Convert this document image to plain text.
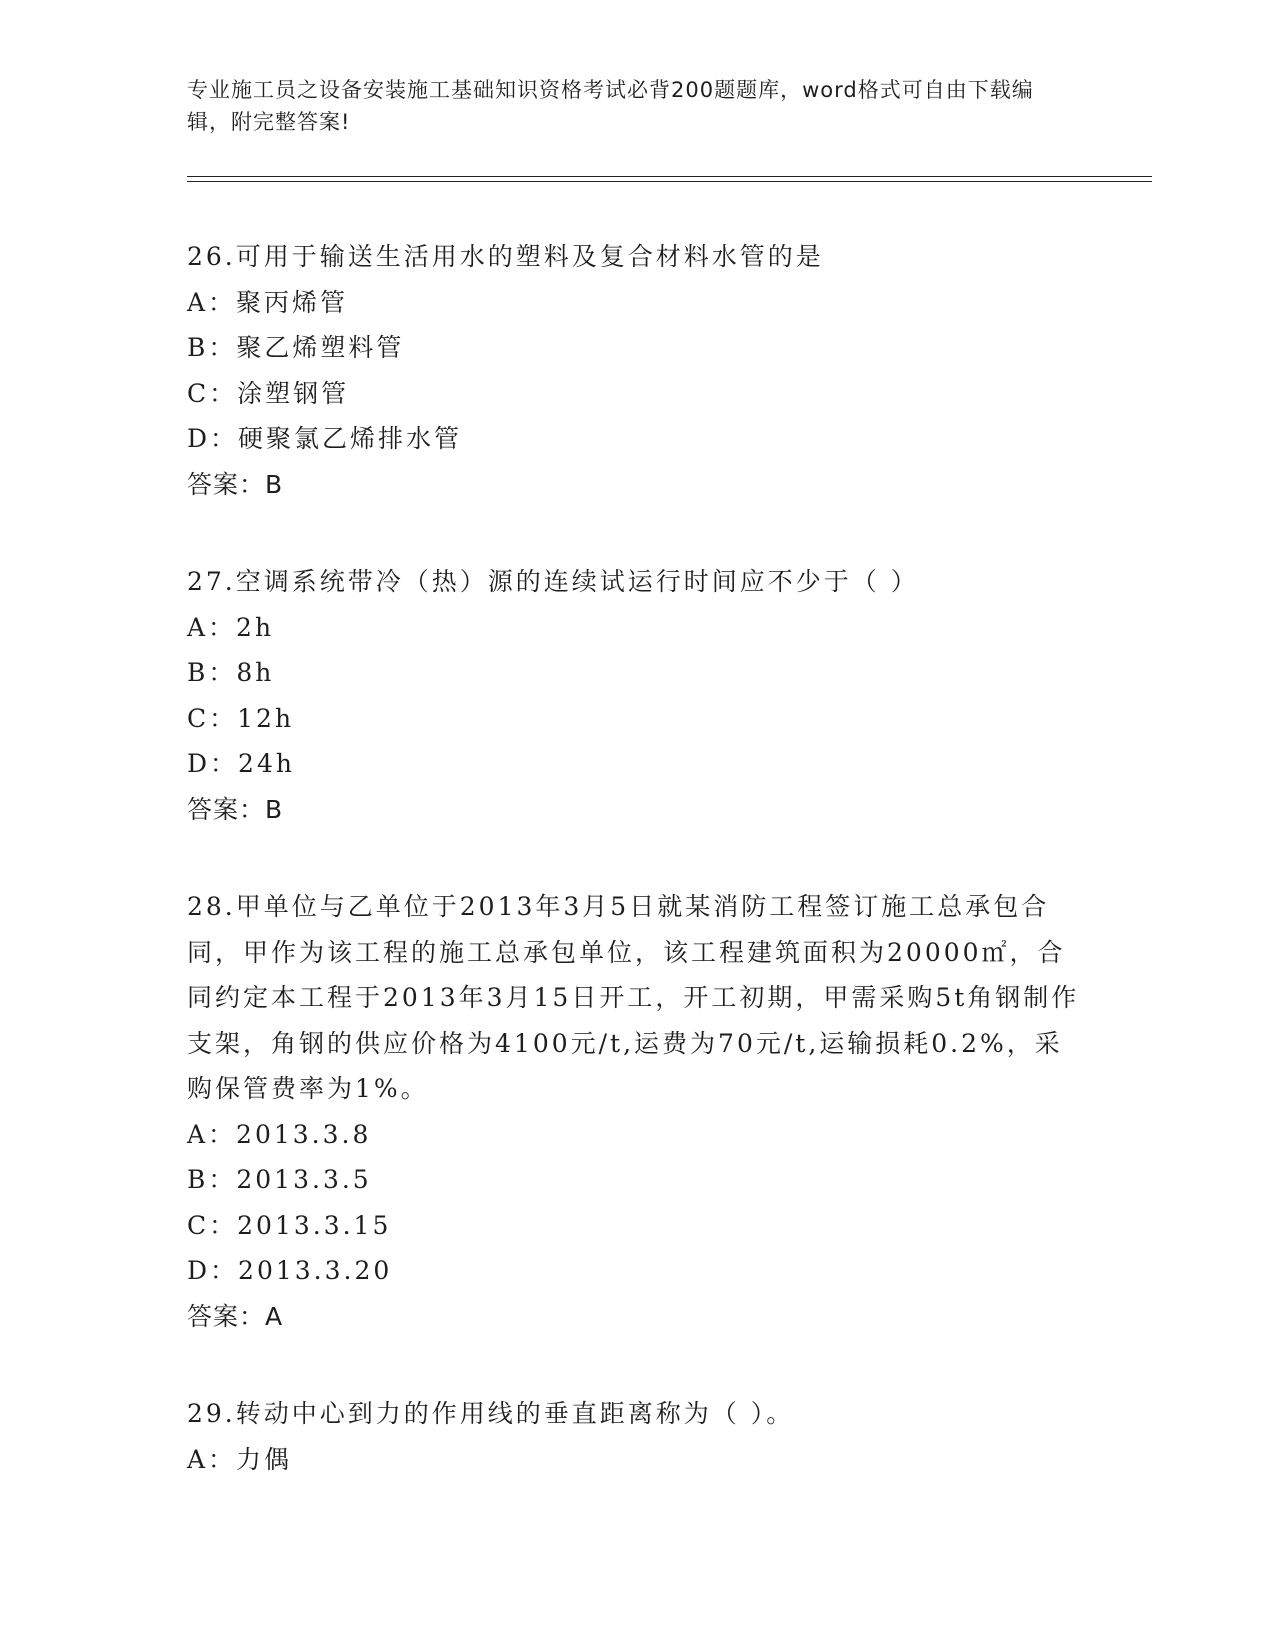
专业施工员之设备安装施工基础知识资格考试必背200题题库，word格式可自由下载编辑，附完整答案!
26.可用于输送生活用水的塑料及复合材料水管的是
A：聚丙烯管
B：聚乙烯塑料管
C：涂塑钢管
D：硬聚氯乙烯排水管
答案：B
27.空调系统带冷（热）源的连续试运行时间应不少于（ ）
A：2h
B：8h
C：12h
D：24h
答案：B
28.甲单位与乙单位于2013年3月5日就某消防工程签订施工总承包合同，甲作为该工程的施工总承包单位，该工程建筑面积为20000㎡，合同约定本工程于2013年3月15日开工，开工初期，甲需采购5t角钢制作支架，角钢的供应价格为4100元/t,运费为70元/t,运输损耗0.2%，采购保管费率为1%。
A：2013.3.8
B：2013.3.5
C：2013.3.15
D：2013.3.20
答案：A
29.转动中心到力的作用线的垂直距离称为（ ）。
A：力偶
